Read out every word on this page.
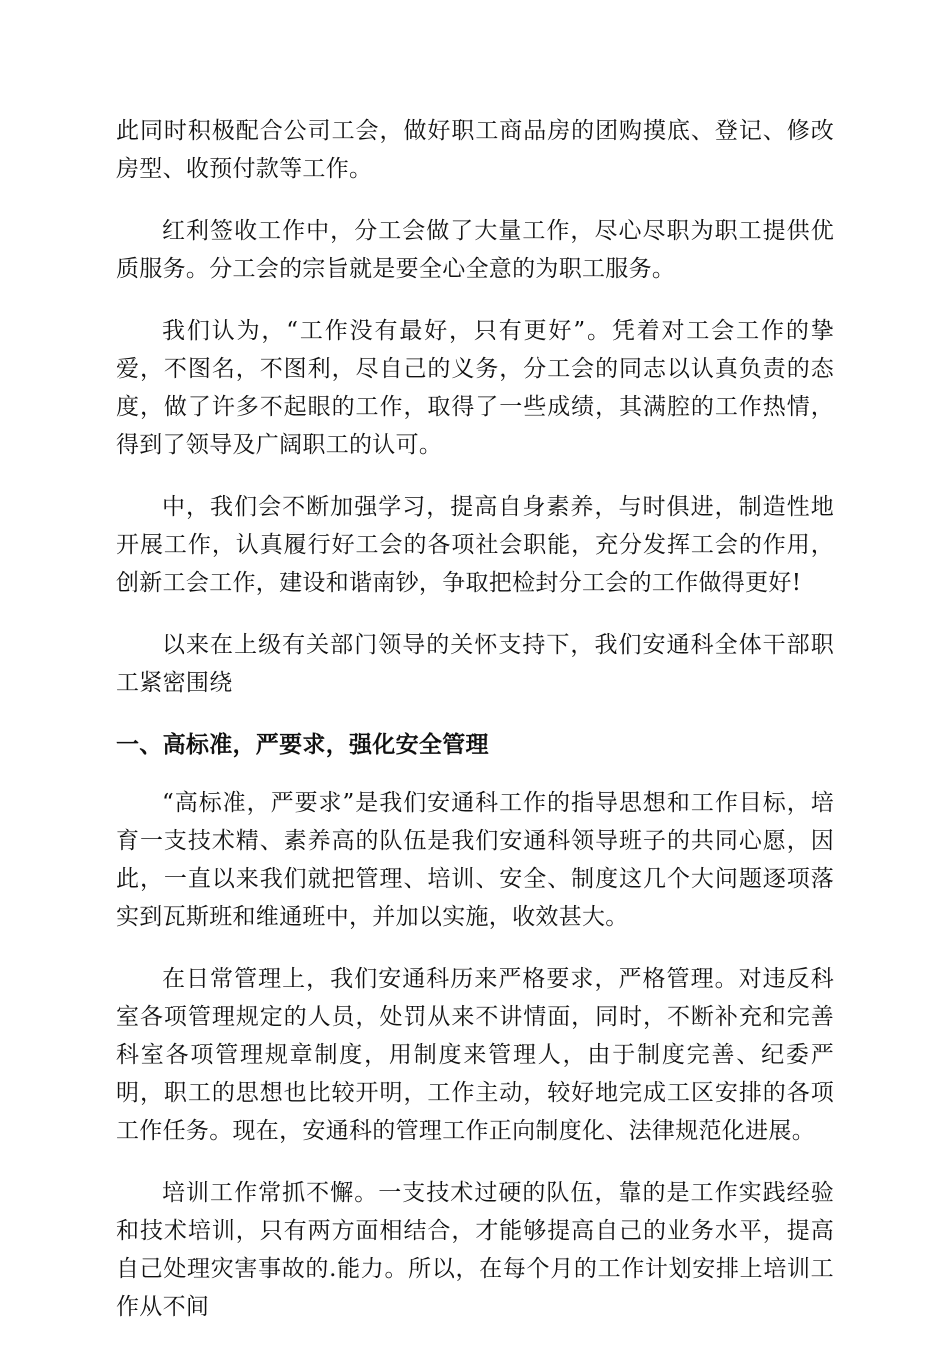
此同时积极配合公司工会，做好职工商品房的团购摸底、登记、修改房型、收预付款等工作。

红利签收工作中，分工会做了大量工作，尽心尽职为职工提供优质服务。分工会的宗旨就是要全心全意的为职工服务。

我们认为，“工作没有最好，只有更好”。凭着对工会工作的挚爱，不图名，不图利，尽自己的义务，分工会的同志以认真负责的态度，做了许多不起眼的工作，取得了一些成绩，其满腔的工作热情，得到了领导及广阔职工的认可。

中，我们会不断加强学习，提高自身素养，与时俱进，制造性地开展工作，认真履行好工会的各项社会职能，充分发挥工会的作用，创新工会工作，建设和谐南钞，争取把检封分工会的工作做得更好!

以来在上级有关部门领导的关怀支持下，我们安通科全体干部职工紧密围绕

一、高标准，严要求，强化安全管理

“高标准，严要求”是我们安通科工作的指导思想和工作目标，培育一支技术精、素养高的队伍是我们安通科领导班子的共同心愿，因此，一直以来我们就把管理、培训、安全、制度这几个大问题逐项落实到瓦斯班和维通班中，并加以实施，收效甚大。

在日常管理上，我们安通科历来严格要求，严格管理。对违反科室各项管理规定的人员，处罚从来不讲情面，同时，不断补充和完善科室各项管理规章制度，用制度来管理人，由于制度完善、纪委严明，职工的思想也比较开明，工作主动，较好地完成工区安排的各项工作任务。现在，安通科的管理工作正向制度化、法律规范化进展。

培训工作常抓不懈。一支技术过硬的队伍，靠的是工作实践经验和技术培训，只有两方面相结合，才能够提高自己的业务水平，提高自己处理灾害事故的.能力。所以，在每个月的工作计划安排上培训工作从不间
